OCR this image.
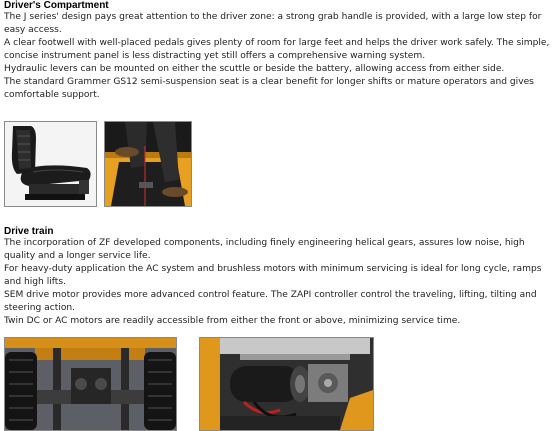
Driver's Compartment

The J series' design pays great attention to the driver zone: a strong grab handle is provided, with a large low step for easy access.

A clear footwell with well-placed pedals gives plenty of room for large feet and helps the driver work safely. The simple, concise instrument panel is less distracting yet still offers a comprehensive warning system.

Hydraulic levers can be mounted on either the scuttle or beside the battery, allowing access from either side.

The standard Grammer GS12 semi-suspension seat is a clear benefit for longer shifts or mature operators and gives comfortable support.

Drive train

The incorporation of ZF developed components, including finely engineering helical gears, assures low noise, high quality and a longer service life.

For heavy-duty application the AC system and brushless motors with minimum servicing is ideal for long cycle, ramps and high lifts.

SEM drive motor provides more advanced control feature. The ZAPI controller control the traveling, lifting, tilting and steering action.

Twin DC or AC motors are readily accessible from either the front or above, minimizing service time.
